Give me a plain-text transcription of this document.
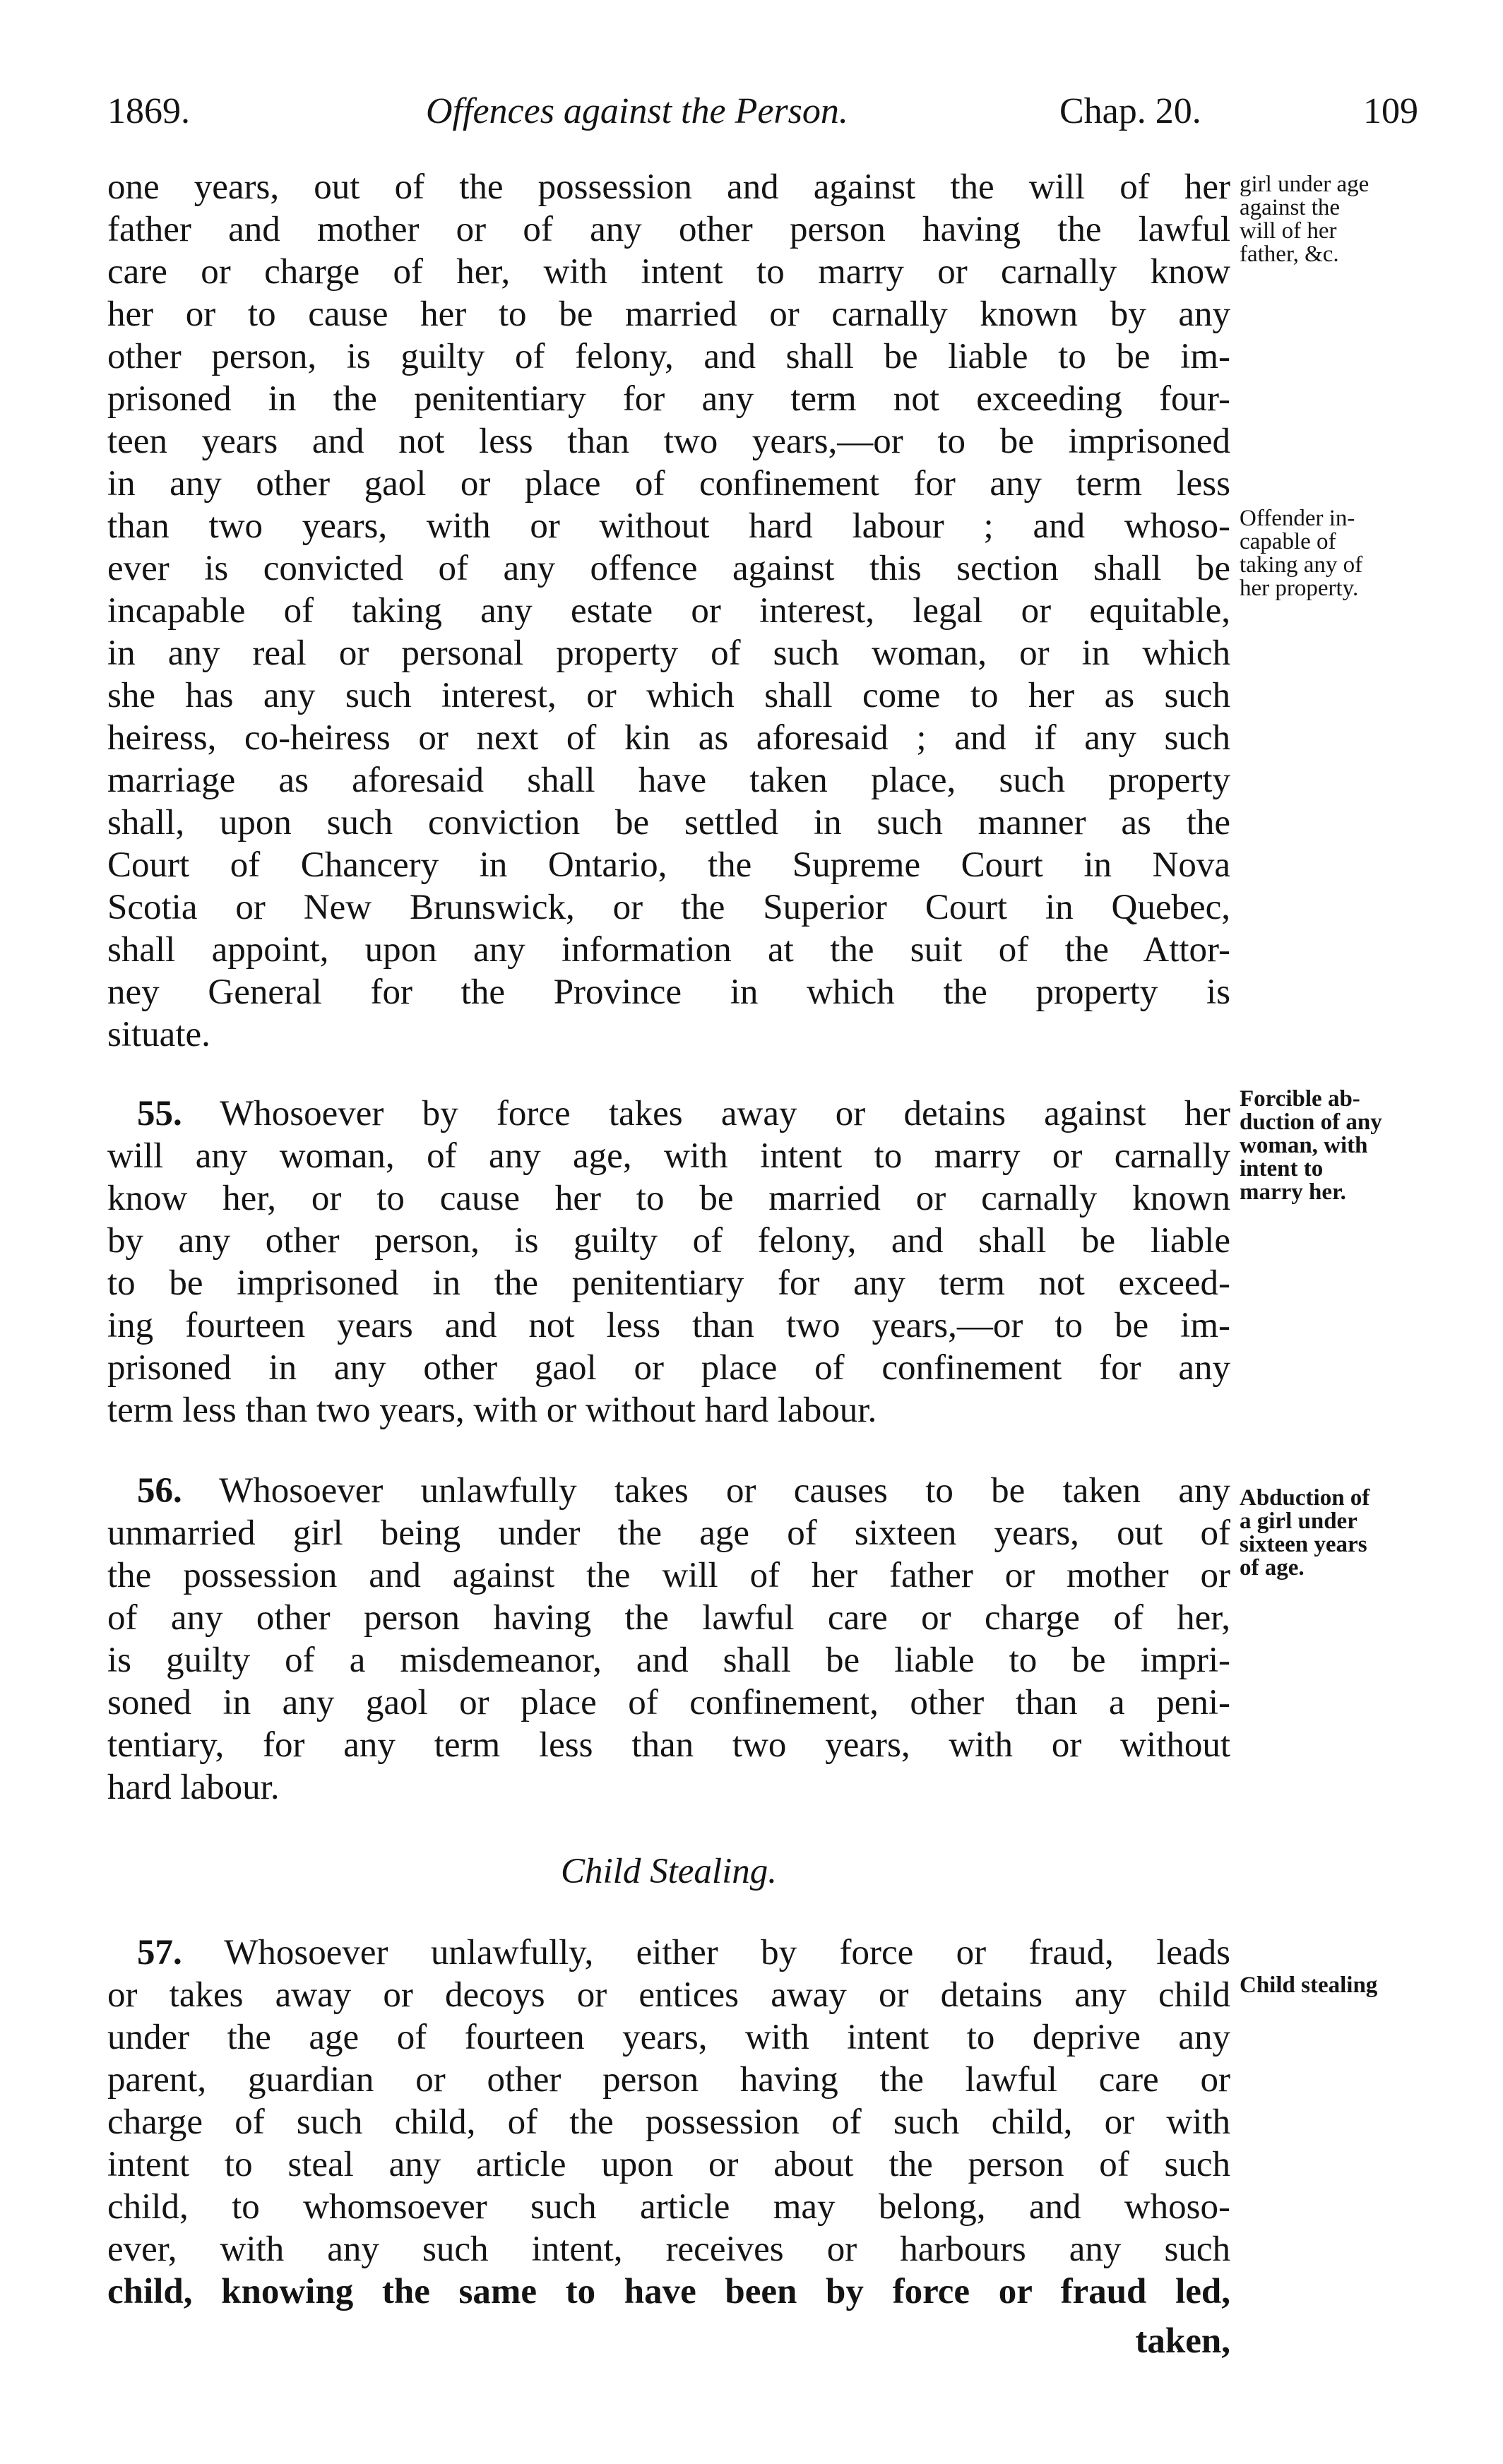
1869.	Offences against the Person.	Chap. 20.	109
one years, out of the possession and against the will of her
father and mother or of any other person having the lawful
care or charge of her, with intent to marry or carnally know
her or to cause her to be married or carnally known by any
other person, is guilty of felony, and shall be liable to be im-
prisoned in the penitentiary for any term not exceeding four-
teen years and not less than two years,—or to be imprisoned
in any other gaol or place of confinement for any term less
than two years, with or without hard labour ; and whoso-
ever is convicted of any offence against this section shall be
incapable of taking any estate or interest, legal or equitable,
in any real or personal property of such woman, or in which
she has any such interest, or which shall come to her as such
heiress, co-heiress or next of kin as aforesaid ; and if any such
marriage as aforesaid shall have taken place, such property
shall, upon such conviction be settled in such manner as the
Court of Chancery in Ontario, the Supreme Court in Nova
Scotia or New Brunswick, or the Superior Court in Quebec,
shall appoint, upon any information at the suit of the Attor-
ney General for the Province in which the property is
situate.
55. Whosoever by force takes away or detains against her
will any woman, of any age, with intent to marry or carnally
know her, or to cause her to be married or carnally known
by any other person, is guilty of felony, and shall be liable
to be imprisoned in the penitentiary for any term not exceed-
ing fourteen years and not less than two years,—or to be im-
prisoned in any other gaol or place of confinement for any
term less than two years, with or without hard labour.
56. Whosoever unlawfully takes or causes to be taken any
unmarried girl being under the age of sixteen years, out of
the possession and against the will of her father or mother or
of any other person having the lawful care or charge of her,
is guilty of a misdemeanor, and shall be liable to be impri-
soned in any gaol or place of confinement, other than a peni-
tentiary, for any term less than two years, with or without
hard labour.
Child Stealing.
57. Whosoever unlawfully, either by force or fraud, leads
or takes away or decoys or entices away or detains any child
under the age of fourteen years, with intent to deprive any
parent, guardian or other person having the lawful care or
charge of such child, of the possession of such child, or with
intent to steal any article upon or about the person of such
child, to whomsoever such article may belong, and whoso-
ever, with any such intent, receives or harbours any such
child, knowing the same to have been by force or fraud led,
taken,
girl under age
against the
will of her
father, &c.
Offender in-
capable of
taking any of
her property.
Forcible ab-
duction of any
woman, with
intent to
marry her.
Abduction of
a girl under
sixteen years
of age.
Child stealing
